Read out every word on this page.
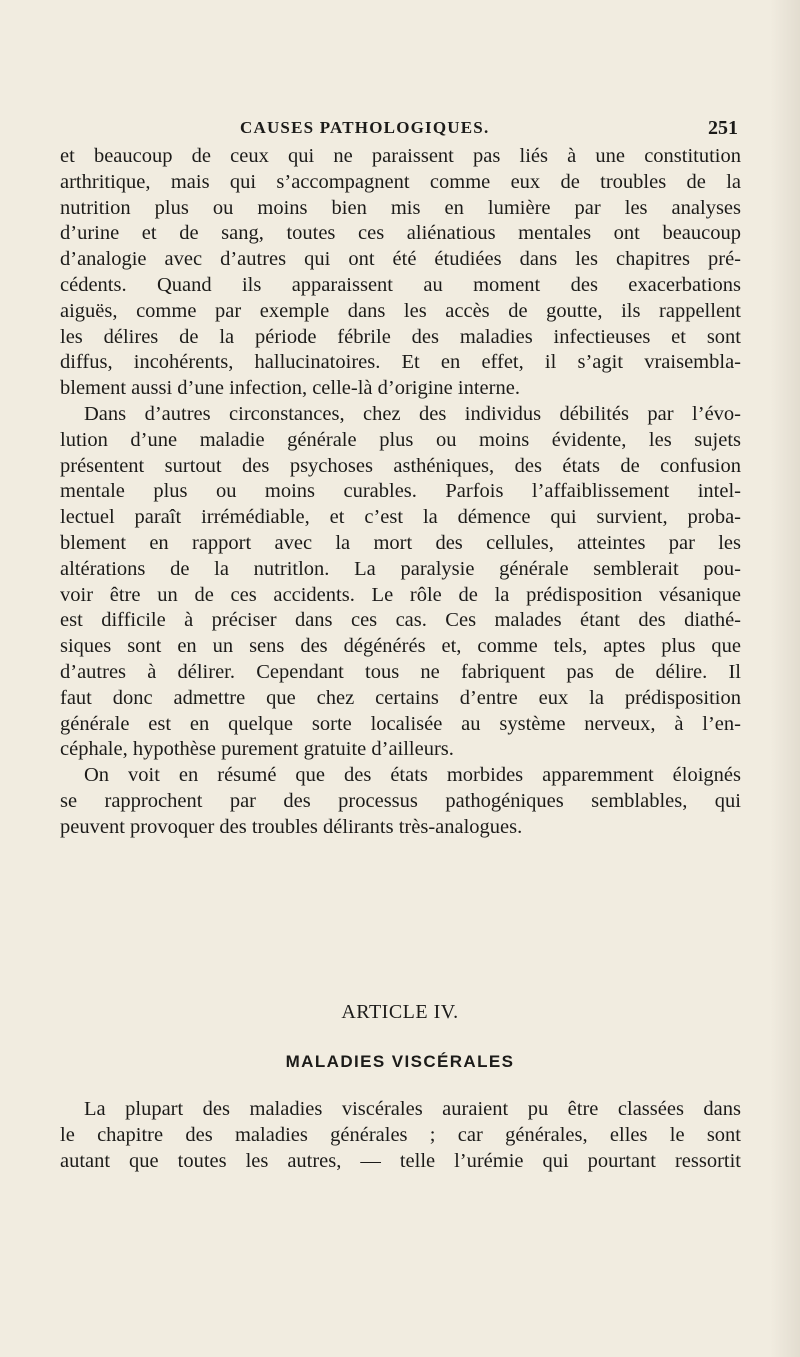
CAUSES PATHOLOGIQUES.	251
et beaucoup de ceux qui ne paraissent pas liés à une constitution
arthritique, mais qui s’accompagnent comme eux de troubles de la
nutrition plus ou moins bien mis en lumière par les analyses
d’urine et de sang, toutes ces aliénatious mentales ont beaucoup
d’analogie avec d’autres qui ont été étudiées dans les chapitres pré-
cédents. Quand ils apparaissent au moment des exacerbations
aiguës, comme par exemple dans les accès de goutte, ils rappellent
les délires de la période fébrile des maladies infectieuses et sont
diffus, incohérents, hallucinatoires. Et en effet, il s’agit vraisembla-
blement aussi d’une infection, celle-là d’origine interne.
Dans d’autres circonstances, chez des individus débilités par l’évo-
lution d’une maladie générale plus ou moins évidente, les sujets
présentent surtout des psychoses asthéniques, des états de confusion
mentale plus ou moins curables. Parfois l’affaiblissement intel-
lectuel paraît irrémédiable, et c’est la démence qui survient, proba-
blement en rapport avec la mort des cellules, atteintes par les
altérations de la nutritlon. La paralysie générale semblerait pou-
voir être un de ces accidents. Le rôle de la prédisposition vésanique
est difficile à préciser dans ces cas. Ces malades étant des diathé-
siques sont en un sens des dégénérés et, comme tels, aptes plus que
d’autres à délirer. Cependant tous ne fabriquent pas de délire. Il
faut donc admettre que chez certains d’entre eux la prédisposition
générale est en quelque sorte localisée au système nerveux, à l’en-
céphale, hypothèse purement gratuite d’ailleurs.
On voit en résumé que des états morbides apparemment éloignés
se rapprochent par des processus pathogéniques semblables, qui
peuvent provoquer des troubles délirants très-analogues.
ARTICLE IV.
MALADIES VISCÉRALES
La plupart des maladies viscérales auraient pu être classées dans
le chapitre des maladies générales ; car générales, elles le sont
autant que toutes les autres, — telle l’urémie qui pourtant ressortit
